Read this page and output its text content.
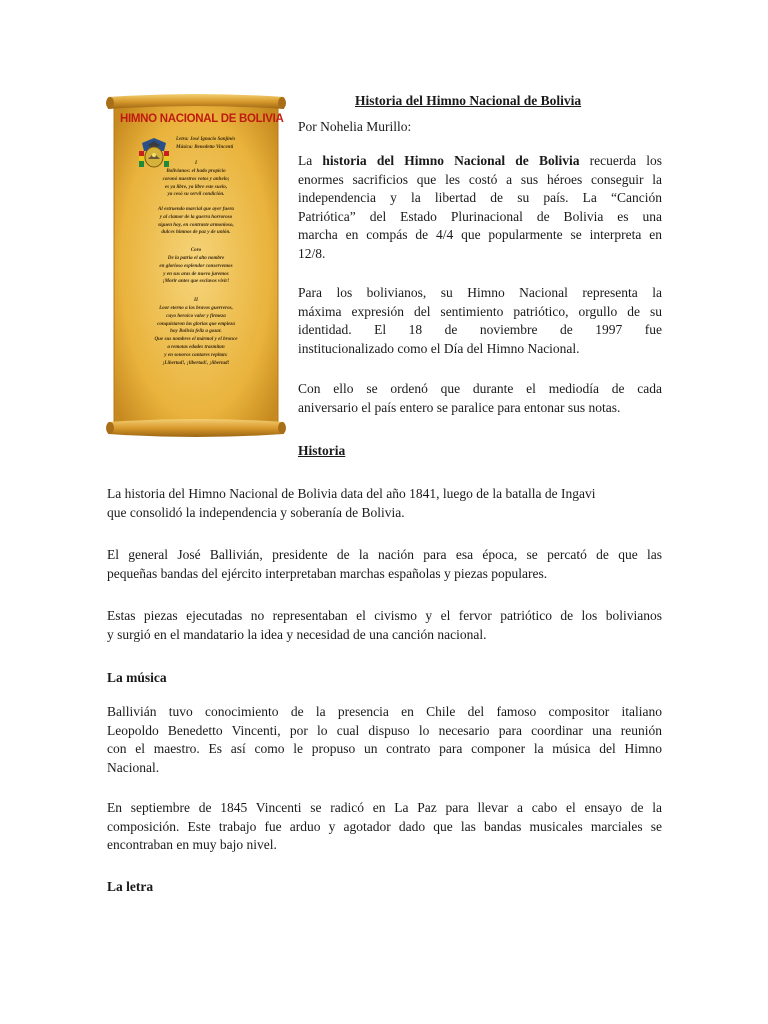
HIMNO NACIONAL DE BOLIVIA
Letra: José Ignacio Sanjinés
Música: Benedetto Vincenti
I
Bolivianos: el hado propicio
coronó nuestros votos y anhelo;
es ya libre, ya libre este suelo,
ya cesó su servil condición.
Al estruendo marcial que ayer fuera
y al clamor de la guerra horroroso
siguen hoy, en contraste armonioso,
dulces himnos de paz y de unión.
Coro
De la patria el alto nombre
en glorioso esplendor conservemos
y en sus aras de nuevo juremos
¡Morir antes que esclavos vivir!
II
Loor eterno a los bravos guerreros,
cuyo heroico valor y firmeza
conquistaron las glorias que empieza
hoy Bolivia feliz a gozar.
Que sus nombres el mármol y el bronce
a remotas edades trasmitan
y en sonoros cantares repitan:
¡Libertad!, ¡libertad!, ¡libertad!
Historia del Himno Nacional de Bolivia
Por Nohelia Murillo:
La historia del Himno Nacional de Bolivia recuerda los
enormes sacrificios que les costó a sus héroes conseguir la
independencia y la libertad de su país. La “Canción
Patriótica” del Estado Plurinacional de Bolivia es una
marcha en compás de 4/4 que popularmente se interpreta en
12/8.
Para los bolivianos, su Himno Nacional representa la
máxima expresión del sentimiento patriótico, orgullo de su
identidad. El 18 de noviembre de 1997 fue
institucionalizado como el Día del Himno Nacional.
Con ello se ordenó que durante el mediodía de cada
aniversario el país entero se paralice para entonar sus notas.
Historia
La historia del Himno Nacional de Bolivia data del año 1841, luego de la batalla de Ingavi
que consolidó la independencia y soberanía de Bolivia.
El general José Ballivián, presidente de la nación para esa época, se percató de que las
pequeñas bandas del ejército interpretaban marchas españolas y piezas populares.
Estas piezas ejecutadas no representaban el civismo y el fervor patriótico de los bolivianos
y surgió en el mandatario la idea y necesidad de una canción nacional.
La música
Ballivián tuvo conocimiento de la presencia en Chile del famoso compositor italiano
Leopoldo Benedetto Vincenti, por lo cual dispuso lo necesario para coordinar una reunión
con el maestro. Es así como le propuso un contrato para componer la música del Himno
Nacional.
En septiembre de 1845 Vincenti se radicó en La Paz para llevar a cabo el ensayo de la
composición. Este trabajo fue arduo y agotador dado que las bandas musicales marciales se
encontraban en muy bajo nivel.
La letra
